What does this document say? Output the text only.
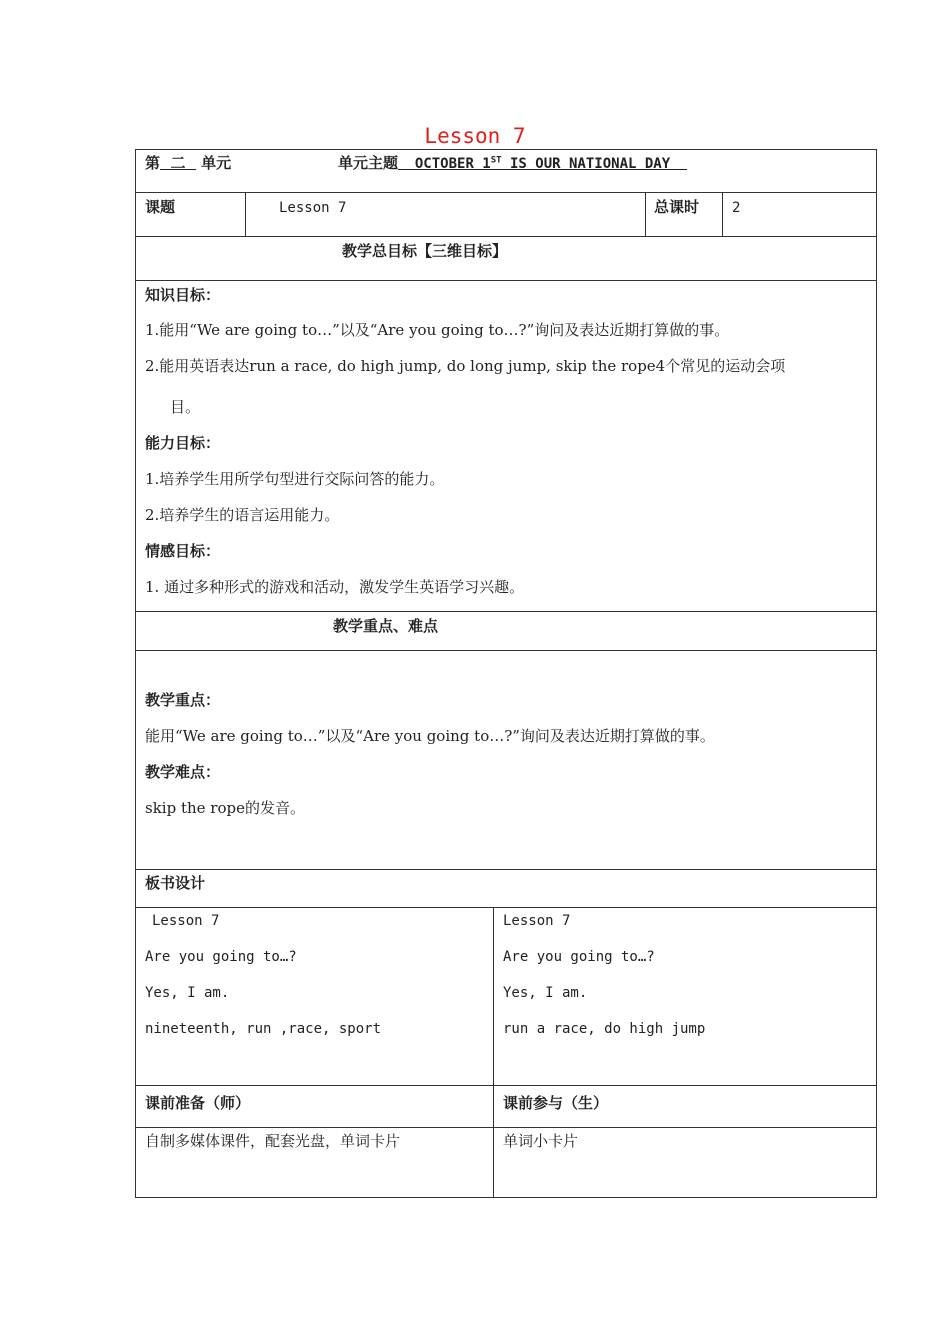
Lesson 7
第 二 单元	单元主题 OCTOBER 1ST IS OUR NATIONAL DAY
课题	Lesson 7	总课时 2
教学总目标【三维目标】
知识目标：
1.能用“We are going to…”以及“Are you going to…?”询问及表达近期打算做的事。
2.能用英语表达run a race, do high jump, do long jump, skip the rope4个常见的运动会项
目。
能力目标：
1.培养学生用所学句型进行交际问答的能力。
2.培养学生的语言运用能力。
情感目标：
1. 通过多种形式的游戏和活动，激发学生英语学习兴趣。
教学重点、难点
教学重点：
能用“We are going to…”以及“Are you going to…?”询问及表达近期打算做的事。
教学难点：
skip the rope的发音。
板书设计
Lesson 7
Are you going to…?
Yes, I am.
nineteenth, run ,race, sport
Lesson 7
Are you going to…?
Yes, I am.
run a race, do high jump
课前准备（师）	课前参与（生）
自制多媒体课件，配套光盘，单词卡片	单词小卡片
